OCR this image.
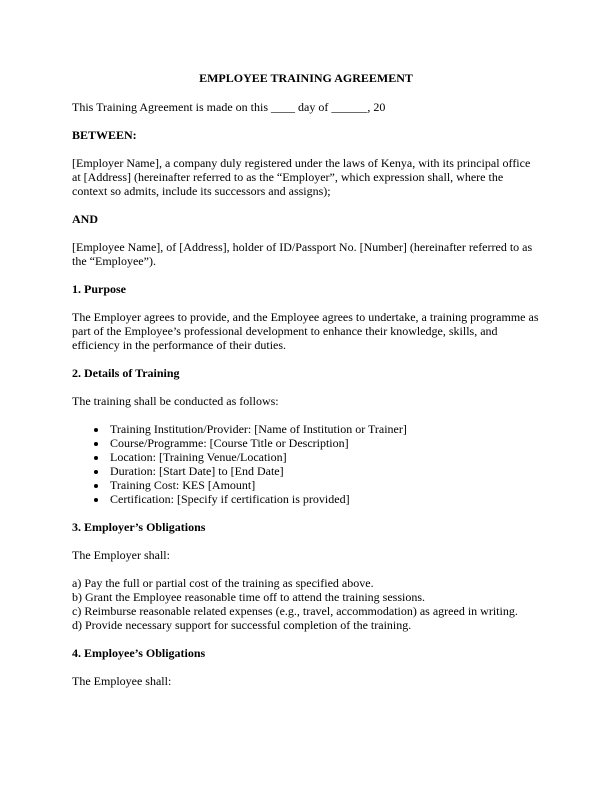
EMPLOYEE TRAINING AGREEMENT

This Training Agreement is made on this ____ day of ______, 20

BETWEEN:

[Employer Name], a company duly registered under the laws of Kenya, with its principal office at [Address] (hereinafter referred to as the “Employer”, which expression shall, where the context so admits, include its successors and assigns);

AND

[Employee Name], of [Address], holder of ID/Passport No. [Number] (hereinafter referred to as the “Employee”).

1. Purpose

The Employer agrees to provide, and the Employee agrees to undertake, a training programme as part of the Employee’s professional development to enhance their knowledge, skills, and efficiency in the performance of their duties.

2. Details of Training

The training shall be conducted as follows:

• Training Institution/Provider: [Name of Institution or Trainer]
• Course/Programme: [Course Title or Description]
• Location: [Training Venue/Location]
• Duration: [Start Date] to [End Date]
• Training Cost: KES [Amount]
• Certification: [Specify if certification is provided]

3. Employer’s Obligations

The Employer shall:

a) Pay the full or partial cost of the training as specified above.
b) Grant the Employee reasonable time off to attend the training sessions.
c) Reimburse reasonable related expenses (e.g., travel, accommodation) as agreed in writing.
d) Provide necessary support for successful completion of the training.

4. Employee’s Obligations

The Employee shall:
